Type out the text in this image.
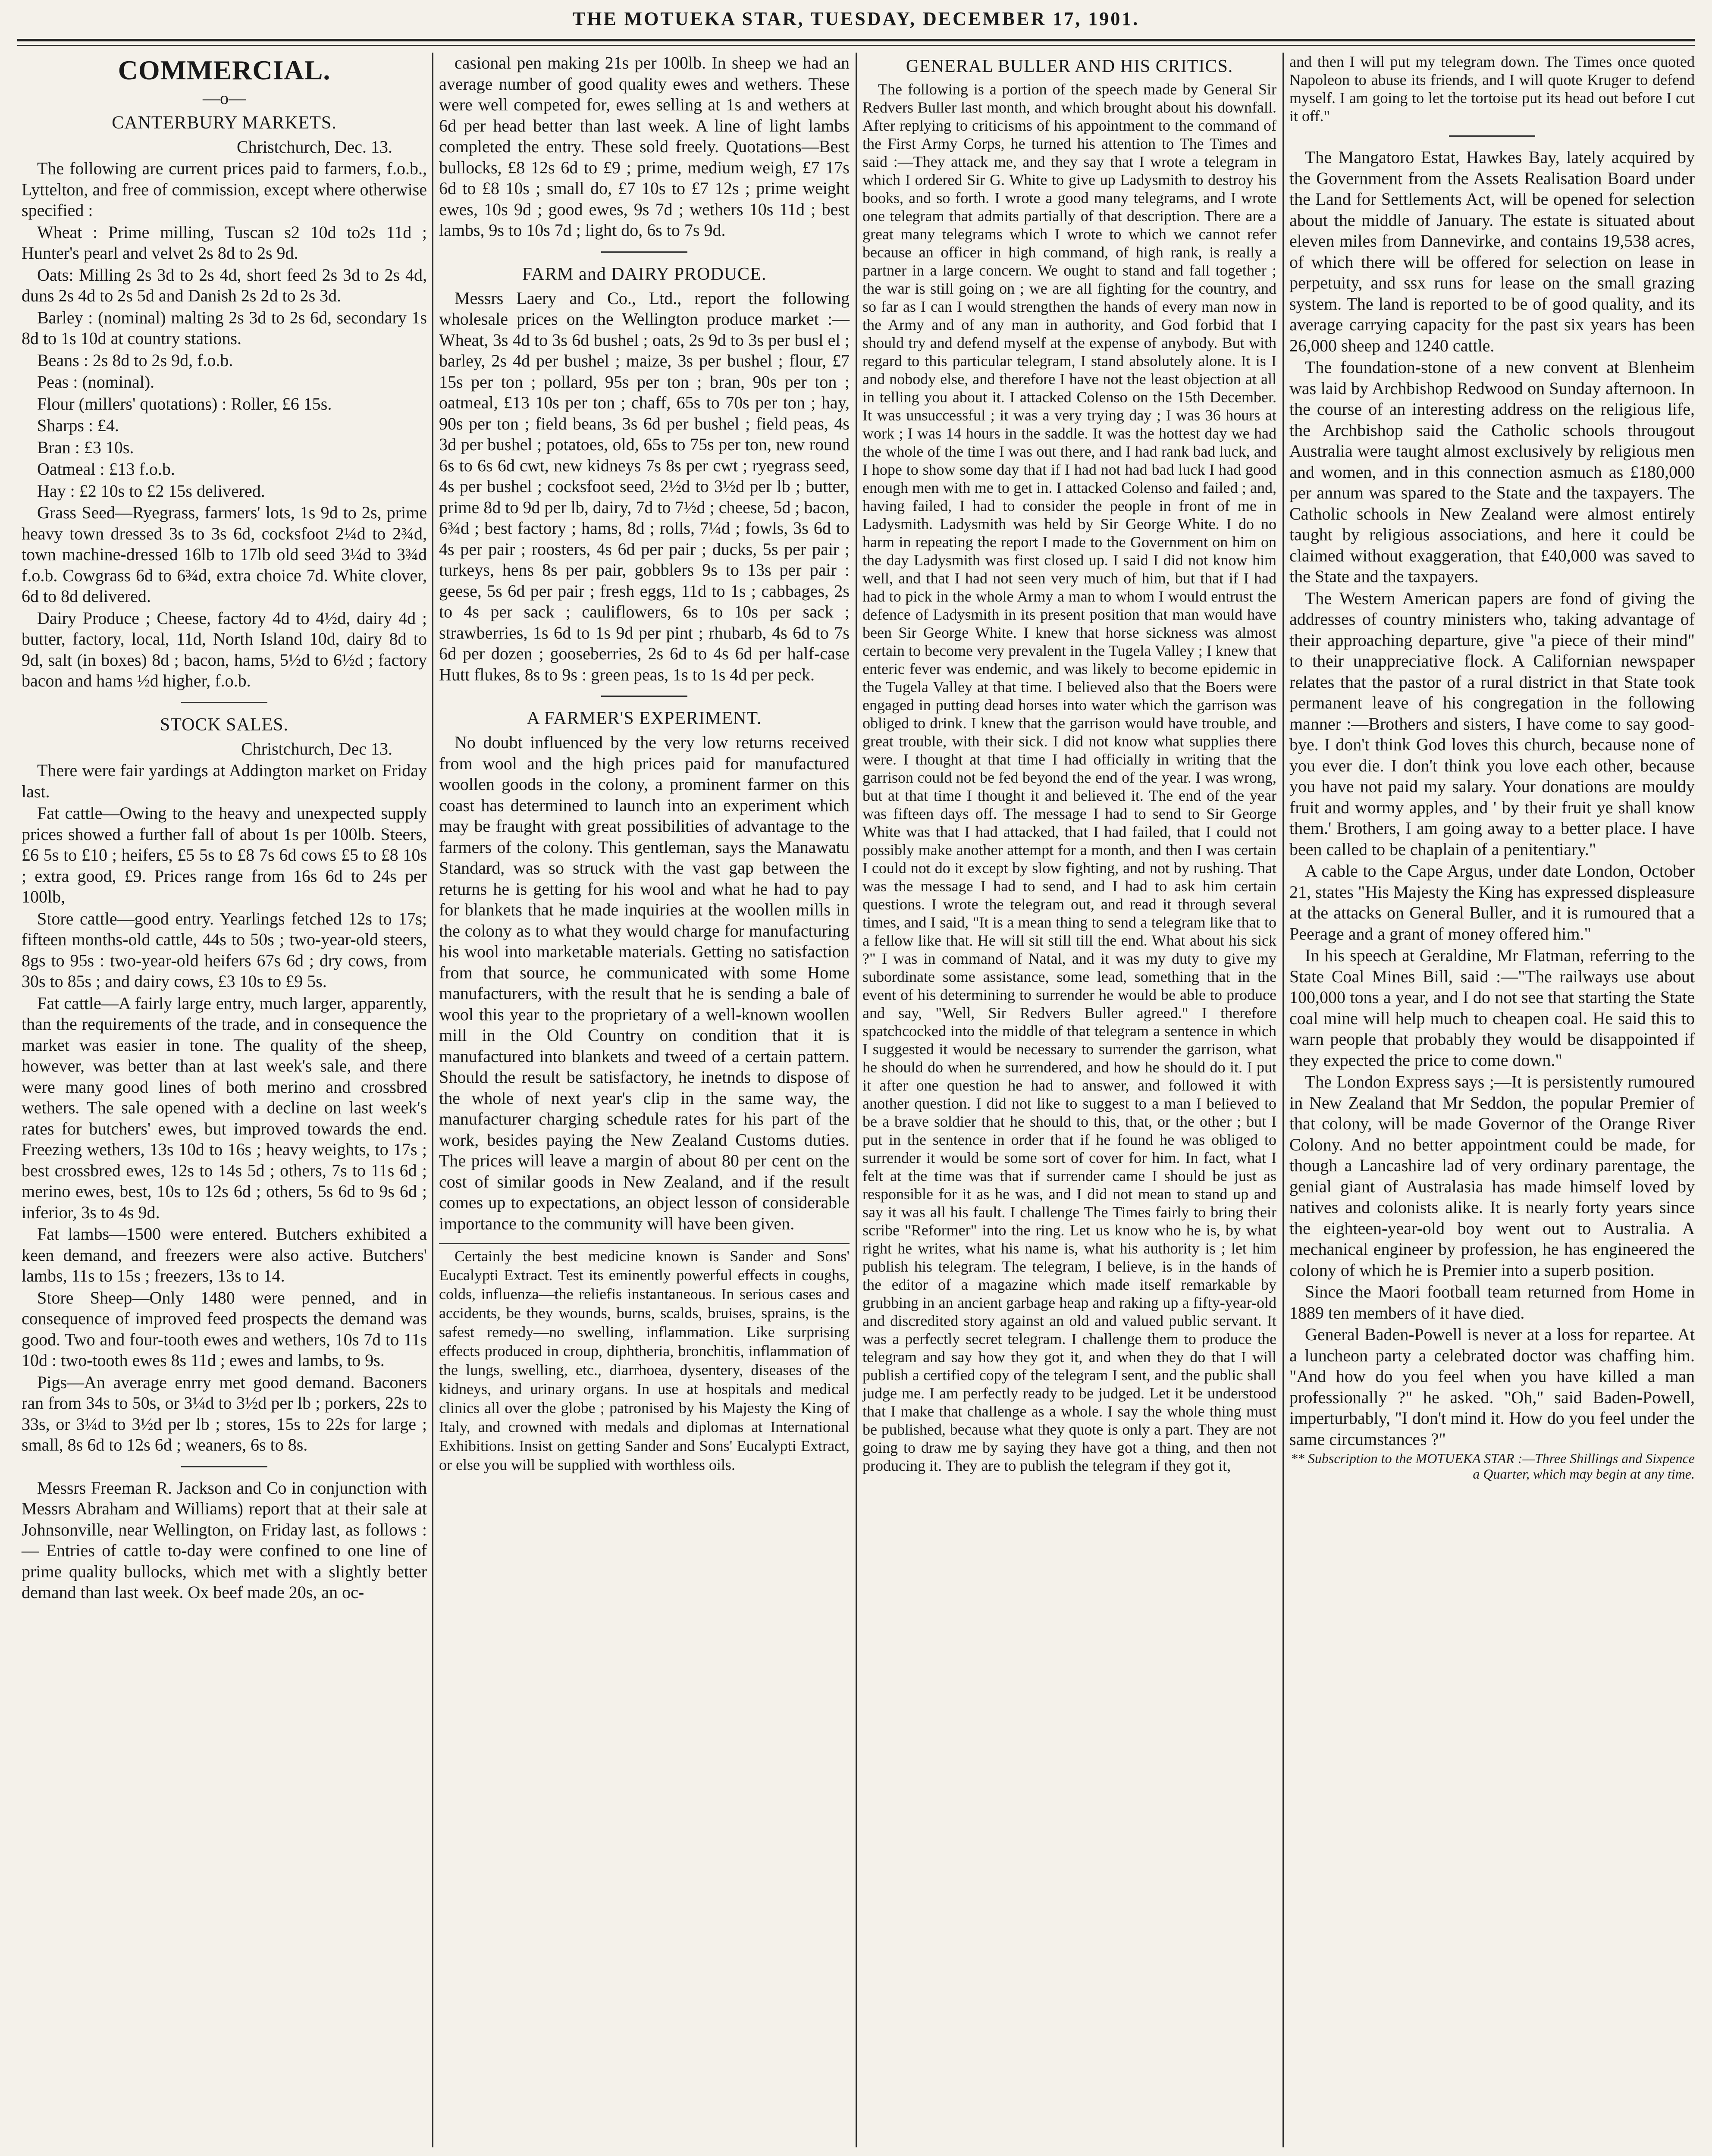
THE MOTUEKA STAR, TUESDAY, DECEMBER 17, 1901.
COMMERCIAL.

—o—

CANTERBURY MARKETS.

Christchurch, Dec. 13.

The following are current prices paid to farmers, f.o.b., Lyttelton, and free of commission, except where otherwise specified :

Wheat : Prime milling, Tuscan s2 10d to2s 11d ; Hunter's pearl and velvet 2s 8d to 2s 9d.

Oats: Milling 2s 3d to 2s 4d, short feed 2s 3d to 2s 4d, duns 2s 4d to 2s 5d and Danish 2s 2d to 2s 3d.

Barley : (nominal) malting 2s 3d to 2s 6d, secondary 1s 8d to 1s 10d at country stations.

Beans : 2s 8d to 2s 9d, f.o.b.

Peas : (nominal).

Flour (millers' quotations) : Roller, £6 15s.

Sharps : £4.

Bran : £3 10s.

Oatmeal : £13 f.o.b.

Hay : £2 10s to £2 15s delivered.

Grass Seed—Ryegrass, farmers' lots, 1s 9d to 2s, prime heavy town dressed 3s to 3s 6d, cocksfoot 2¼d to 2¾d, town machine-dressed 16lb to 17lb old seed 3¼d to 3¾d f.o.b. Cowgrass 6d to 6¾d, extra choice 7d. White clover, 6d to 8d delivered.

Dairy Produce ; Cheese, factory 4d to 4½d, dairy 4d ; butter, factory, local, 11d, North Island 10d, dairy 8d to 9d, salt (in boxes) 8d ; bacon, hams, 5½d to 6½d ; factory bacon and hams ½d higher, f.o.b.

STOCK SALES.

Christchurch, Dec 13.

There were fair yardings at Addington market on Friday last.

Fat cattle—Owing to the heavy and unexpected supply prices showed a further fall of about 1s per 100lb. Steers, £6 5s to £10 ; heifers, £5 5s to £8 7s 6d cows £5 to £8 10s ; extra good, £9. Prices range from 16s 6d to 24s per 100lb,

Store cattle—good entry. Yearlings fetched 12s to 17s; fifteen months-old cattle, 44s to 50s ; two-year-old steers, 8gs to 95s : two-year-old heifers 67s 6d ; dry cows, from 30s to 85s ; and dairy cows, £3 10s to £9 5s.

Fat cattle—A fairly large entry, much larger, apparently, than the requirements of the trade, and in consequence the market was easier in tone. The quality of the sheep, however, was better than at last week's sale, and there were many good lines of both merino and crossbred wethers. The sale opened with a decline on last week's rates for butchers' ewes, but improved towards the end. Freezing wethers, 13s 10d to 16s ; heavy weights, to 17s ; best crossbred ewes, 12s to 14s 5d ; others, 7s to 11s 6d ; merino ewes, best, 10s to 12s 6d ; others, 5s 6d to 9s 6d ; inferior, 3s to 4s 9d.

Fat lambs—1500 were entered. Butchers exhibited a keen demand, and freezers were also active. Butchers' lambs, 11s to 15s ; freezers, 13s to 14.

Store Sheep—Only 1480 were penned, and in consequence of improved feed prospects the demand was good. Two and four-tooth ewes and wethers, 10s 7d to 11s 10d : two-tooth ewes 8s 11d ; ewes and lambs, to 9s.

Pigs—An average enrry met good demand. Baconers ran from 34s to 50s, or 3¼d to 3½d per lb ; porkers, 22s to 33s, or 3¼d to 3½d per lb ; stores, 15s to 22s for large ; small, 8s 6d to 12s 6d ; weaners, 6s to 8s.

Messrs Freeman R. Jackson and Co in conjunction with Messrs Abraham and Williams) report that at their sale at Johnsonville, near Wellington, on Friday last, as follows :— Entries of cattle to-day were confined to one line of prime quality bullocks, which met with a slightly better demand than last week. Ox beef made 20s, an oc-

casional pen making 21s per 100lb. In sheep we had an average number of good quality ewes and wethers. These were well competed for, ewes selling at 1s and wethers at 6d per head better than last week. A line of light lambs completed the entry. These sold freely. Quotations—Best bullocks, £8 12s 6d to £9 ; prime, medium weigh, £7 17s 6d to £8 10s ; small do, £7 10s to £7 12s ; prime weight ewes, 10s 9d ; good ewes, 9s 7d ; wethers 10s 11d ; best lambs, 9s to 10s 7d ; light do, 6s to 7s 9d.

FARM and DAIRY PRODUCE.

Messrs Laery and Co., Ltd., report the following wholesale prices on the Wellington produce market :—Wheat, 3s 4d to 3s 6d bushel ; oats, 2s 9d to 3s per busl el ; barley, 2s 4d per bushel ; maize, 3s per bushel ; flour, £7 15s per ton ; pollard, 95s per ton ; bran, 90s per ton ; oatmeal, £13 10s per ton ; chaff, 65s to 70s per ton ; hay, 90s per ton ; field beans, 3s 6d per bushel ; field peas, 4s 3d per bushel ; potatoes, old, 65s to 75s per ton, new round 6s to 6s 6d cwt, new kidneys 7s 8s per cwt ; ryegrass seed, 4s per bushel ; cocksfoot seed, 2½d to 3½d per lb ; butter, prime 8d to 9d per lb, dairy, 7d to 7½d ; cheese, 5d ; bacon, 6¾d ; best factory ; hams, 8d ; rolls, 7¼d ; fowls, 3s 6d to 4s per pair ; roosters, 4s 6d per pair ; ducks, 5s per pair ; turkeys, hens 8s per pair, gobblers 9s to 13s per pair : geese, 5s 6d per pair ; fresh eggs, 11d to 1s ; cabbages, 2s to 4s per sack ; cauliflowers, 6s to 10s per sack ; strawberries, 1s 6d to 1s 9d per pint ; rhubarb, 4s 6d to 7s 6d per dozen ; gooseberries, 2s 6d to 4s 6d per half-case Hutt flukes, 8s to 9s : green peas, 1s to 1s 4d per peck.

A FARMER'S EXPERIMENT.

No doubt influenced by the very low returns received from wool and the high prices paid for manufactured woollen goods in the colony, a prominent farmer on this coast has determined to launch into an experiment which may be fraught with great possibilities of advantage to the farmers of the colony. This gentleman, says the Manawatu Standard, was so struck with the vast gap between the returns he is getting for his wool and what he had to pay for blankets that he made inquiries at the woollen mills in the colony as to what they would charge for manufacturing his wool into marketable materials. Getting no satisfaction from that source, he communicated with some Home manufacturers, with the result that he is sending a bale of wool this year to the proprietary of a well-known woollen mill in the Old Country on condition that it is manufactured into blankets and tweed of a certain pattern. Should the result be satisfactory, he inetnds to dispose of the whole of next year's clip in the same way, the manufacturer charging schedule rates for his part of the work, besides paying the New Zealand Customs duties. The prices will leave a margin of about 80 per cent on the cost of similar goods in New Zealand, and if the result comes up to expectations, an object lesson of considerable importance to the community will have been given.

Certainly the best medicine known is Sander and Sons' Eucalypti Extract. Test its eminently powerful effects in coughs, colds, influenza—the reliefis instantaneous. In serious cases and accidents, be they wounds, burns, scalds, bruises, sprains, is the safest remedy—no swelling, inflammation. Like surprising effects produced in croup, diphtheria, bronchitis, inflammation of the lungs, swelling, etc., diarrhoea, dysentery, diseases of the kidneys, and urinary organs. In use at hospitals and medical clinics all over the globe ; patronised by his Majesty the King of Italy, and crowned with medals and diplomas at International Exhibitions. Insist on getting Sander and Sons' Eucalypti Extract, or else you will be supplied with worthless oils.

GENERAL BULLER AND HIS CRITICS.

The following is a portion of the speech made by General Sir Redvers Buller last month, and which brought about his downfall. After replying to criticisms of his appointment to the command of the First Army Corps, he turned his attention to The Times and said :—They attack me, and they say that I wrote a telegram in which I ordered Sir G. White to give up Ladysmith to destroy his books, and so forth. I wrote a good many telegrams, and I wrote one telegram that admits partially of that description. There are a great many telegrams which I wrote to which we cannot refer because an officer in high command, of high rank, is really a partner in a large concern. We ought to stand and fall together ; the war is still going on ; we are all fighting for the country, and so far as I can I would strengthen the hands of every man now in the Army and of any man in authority, and God forbid that I should try and defend myself at the expense of anybody. But with regard to this particular telegram, I stand absolutely alone. It is I and nobody else, and therefore I have not the least objection at all in telling you about it. I attacked Colenso on the 15th December. It was unsuccessful ; it was a very trying day ; I was 36 hours at work ; I was 14 hours in the saddle. It was the hottest day we had the whole of the time I was out there, and I had rank bad luck, and I hope to show some day that if I had not had bad luck I had good enough men with me to get in. I attacked Colenso and failed ; and, having failed, I had to consider the people in front of me in Ladysmith. Ladysmith was held by Sir George White. I do no harm in repeating the report I made to the Government on him on the day Ladysmith was first closed up. I said I did not know him well, and that I had not seen very much of him, but that if I had had to pick in the whole Army a man to whom I would entrust the defence of Ladysmith in its present position that man would have been Sir George White. I knew that horse sickness was almost certain to become very prevalent in the Tugela Valley ; I knew that enteric fever was endemic, and was likely to become epidemic in the Tugela Valley at that time. I believed also that the Boers were engaged in putting dead horses into water which the garrison was obliged to drink. I knew that the garrison would have trouble, and great trouble, with their sick. I did not know what supplies there were. I thought at that time I had officially in writing that the garrison could not be fed beyond the end of the year. I was wrong, but at that time I thought it and believed it. The end of the year was fifteen days off. The message I had to send to Sir George White was that I had attacked, that I had failed, that I could not possibly make another attempt for a month, and then I was certain I could not do it except by slow fighting, and not by rushing. That was the message I had to send, and I had to ask him certain questions. I wrote the telegram out, and read it through several times, and I said, "It is a mean thing to send a telegram like that to a fellow like that. He will sit still till the end. What about his sick ?" I was in command of Natal, and it was my duty to give my subordinate some assistance, some lead, something that in the event of his determining to surrender he would be able to produce and say, "Well, Sir Redvers Buller agreed." I therefore spatchcocked into the middle of that telegram a sentence in which I suggested it would be necessary to surrender the garrison, what he should do when he surrendered, and how he should do it. I put it after one question he had to answer, and followed it with another question. I did not like to suggest to a man I believed to be a brave soldier that he should to this, that, or the other ; but I put in the sentence in order that if he found he was obliged to surrender it would be some sort of cover for him. In fact, what I felt at the time was that if surrender came I should be just as responsible for it as he was, and I did not mean to stand up and say it was all his fault. I challenge The Times fairly to bring their scribe "Reformer" into the ring. Let us know who he is, by what right he writes, what his name is, what his authority is ; let him publish his telegram. The telegram, I believe, is in the hands of the editor of a magazine which made itself remarkable by grubbing in an ancient garbage heap and raking up a fifty-year-old and discredited story against an old and valued public servant. It was a perfectly secret telegram. I challenge them to produce the telegram and say how they got it, and when they do that I will publish a certified copy of the telegram I sent, and the public shall judge me. I am perfectly ready to be judged. Let it be understood that I make that challenge as a whole. I say the whole thing must be published, because what they quote is only a part. They are not going to draw me by saying they have got a thing, and then not producing it. They are to publish the telegram if they got it,

and then I will put my telegram down. The Times once quoted Napoleon to abuse its friends, and I will quote Kruger to defend myself. I am going to let the tortoise put its head out before I cut it off."

The Mangatoro Estat, Hawkes Bay, lately acquired by the Government from the Assets Realisation Board under the Land for Settlements Act, will be opened for selection about the middle of January. The estate is situated about eleven miles from Dannevirke, and contains 19,538 acres, of which there will be offered for selection on lease in perpetuity, and ssx runs for lease on the small grazing system. The land is reported to be of good quality, and its average carrying capacity for the past six years has been 26,000 sheep and 1240 cattle.

The foundation-stone of a new convent at Blenheim was laid by Archbishop Redwood on Sunday afternoon. In the course of an interesting address on the religious life, the Archbishop said the Catholic schools througout Australia were taught almost exclusively by religious men and women, and in this connection asmuch as £180,000 per annum was spared to the State and the taxpayers. The Catholic schools in New Zealand were almost entirely taught by religious associations, and here it could be claimed without exaggeration, that £40,000 was saved to the State and the taxpayers.

The Western American papers are fond of giving the addresses of country ministers who, taking advantage of their approaching departure, give "a piece of their mind" to their unappreciative flock. A Californian newspaper relates that the pastor of a rural district in that State took permanent leave of his congregation in the following manner :—Brothers and sisters, I have come to say good-bye. I don't think God loves this church, because none of you ever die. I don't think you love each other, because you have not paid my salary. Your donations are mouldy fruit and wormy apples, and ' by their fruit ye shall know them.' Brothers, I am going away to a better place. I have been called to be chaplain of a penitentiary."

A cable to the Cape Argus, under date London, October 21, states "His Majesty the King has expressed displeasure at the attacks on General Buller, and it is rumoured that a Peerage and a grant of money offered him."

In his speech at Geraldine, Mr Flatman, referring to the State Coal Mines Bill, said :—"The railways use about 100,000 tons a year, and I do not see that starting the State coal mine will help much to cheapen coal. He said this to warn people that probably they would be disappointed if they expected the price to come down."

The London Express says ;—It is persistently rumoured in New Zealand that Mr Seddon, the popular Premier of that colony, will be made Governor of the Orange River Colony. And no better appointment could be made, for though a Lancashire lad of very ordinary parentage, the genial giant of Australasia has made himself loved by natives and colonists alike. It is nearly forty years since the eighteen-year-old boy went out to Australia. A mechanical engineer by profession, he has engineered the colony of which he is Premier into a superb position.

Since the Maori football team returned from Home in 1889 ten members of it have died.

General Baden-Powell is never at a loss for repartee. At a luncheon party a celebrated doctor was chaffing him. "And how do you feel when you have killed a man professionally ?" he asked. "Oh," said Baden-Powell, imperturbably, "I don't mind it. How do you feel under the same circumstances ?"

** Subscription to the MOTUEKA STAR :—Three Shillings and Sixpence a Quarter, which may begin at any time.
